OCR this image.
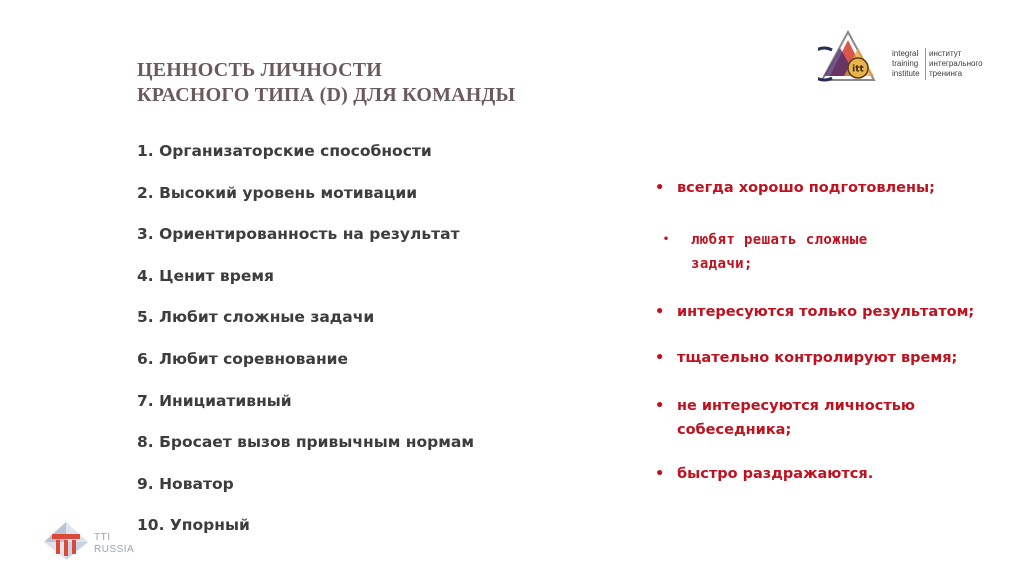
ЦЕННОСТЬ ЛИЧНОСТИ
КРАСНОГО ТИПА (D) ДЛЯ КОМАНДЫ
1. Организаторские способности
2. Высокий уровень мотивации
3. Ориентированность на результат
4. Ценит время
5. Любит сложные задачи
6. Любит соревнование
7. Инициативный
8. Бросает вызов привычным нормам
9. Новатор
10. Упорный
• всегда хорошо подготовлены;
• любят решать сложные
задачи;
• интересуются только результатом;
• тщательно контролируют время;
• не интересуются личностью
собеседника;
• быстро раздражаются.
itt
integral
training
institute
институт
интегрального
тренинга
TTI
RUSSIA
